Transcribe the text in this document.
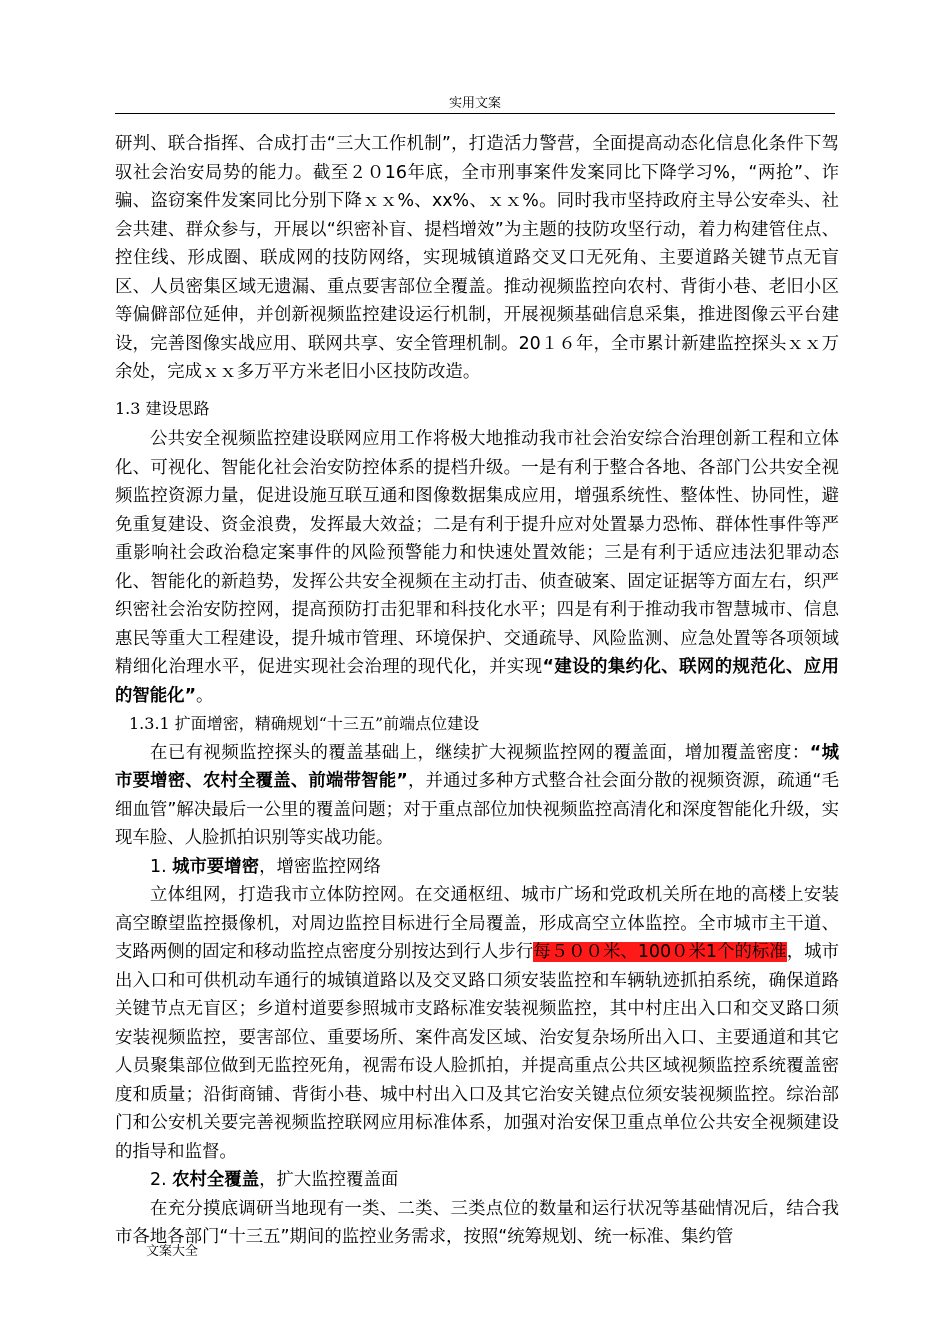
实用文案

研判、联合指挥、合成打击“三大工作机制”，打造活力警营，全面提高动态化信息化条件下驾驭社会治安局势的能力。截至２０16年底，全市刑事案件发案同比下降学习%，“两抢”、诈骗、盗窃案件发案同比分别下降ｘｘ%、xx%、ｘｘ%。同时我市坚持政府主导公安牵头、社会共建、群众参与，开展以“织密补盲、提档增效”为主题的技防攻坚行动，着力构建管住点、控住线、形成圈、联成网的技防网络，实现城镇道路交叉口无死角、主要道路关键节点无盲区、人员密集区域无遗漏、重点要害部位全覆盖。推动视频监控向农村、背街小巷、老旧小区等偏僻部位延伸，并创新视频监控建设运行机制，开展视频基础信息采集，推进图像云平台建设，完善图像实战应用、联网共享、安全管理机制。20１６年，全市累计新建监控探头ｘｘ万余处，完成ｘｘ多万平方米老旧小区技防改造。

1.3 建设思路

公共安全视频监控建设联网应用工作将极大地推动我市社会治安综合治理创新工程和立体化、可视化、智能化社会治安防控体系的提档升级。一是有利于整合各地、各部门公共安全视频监控资源力量，促进设施互联互通和图像数据集成应用，增强系统性、整体性、协同性，避免重复建设、资金浪费，发挥最大效益；二是有利于提升应对处置暴力恐怖、群体性事件等严重影响社会政治稳定案事件的风险预警能力和快速处置效能；三是有利于适应违法犯罪动态化、智能化的新趋势，发挥公共安全视频在主动打击、侦查破案、固定证据等方面左右，织严织密社会治安防控网，提高预防打击犯罪和科技化水平；四是有利于推动我市智慧城市、信息惠民等重大工程建设，提升城市管理、环境保护、交通疏导、风险监测、应急处置等各项领域精细化治理水平，促进实现社会治理的现代化，并实现“建设的集约化、联网的规范化、应用的智能化”。

1.3.1 扩面增密，精确规划“十三五”前端点位建设

在已有视频监控探头的覆盖基础上，继续扩大视频监控网的覆盖面，增加覆盖密度：“城市要增密、农村全覆盖、前端带智能”，并通过多种方式整合社会面分散的视频资源，疏通“毛细血管”解决最后一公里的覆盖问题；对于重点部位加快视频监控高清化和深度智能化升级，实现车脸、人脸抓拍识别等实战功能。

1. 城市要增密，增密监控网络

立体组网，打造我市立体防控网。在交通枢纽、城市广场和党政机关所在地的高楼上安装高空瞭望监控摄像机，对周边监控目标进行全局覆盖，形成高空立体监控。全市城市主干道、支路两侧的固定和移动监控点密度分别按达到行人步行每５００米、100０米1个的标准，城市出入口和可供机动车通行的城镇道路以及交叉路口须安装监控和车辆轨迹抓拍系统，确保道路关键节点无盲区；乡道村道要参照城市支路标准安装视频监控，其中村庄出入口和交叉路口须安装视频监控，要害部位、重要场所、案件高发区域、治安复杂场所出入口、主要通道和其它人员聚集部位做到无监控死角，视需布设人脸抓拍，并提高重点公共区域视频监控系统覆盖密度和质量；沿街商铺、背街小巷、城中村出入口及其它治安关键点位须安装视频监控。综治部门和公安机关要完善视频监控联网应用标准体系，加强对治安保卫重点单位公共安全视频建设的指导和监督。

2. 农村全覆盖，扩大监控覆盖面

在充分摸底调研当地现有一类、二类、三类点位的数量和运行状况等基础情况后，结合我市各地各部门“十三五”期间的监控业务需求，按照“统筹规划、统一标准、集约管

文案大全
